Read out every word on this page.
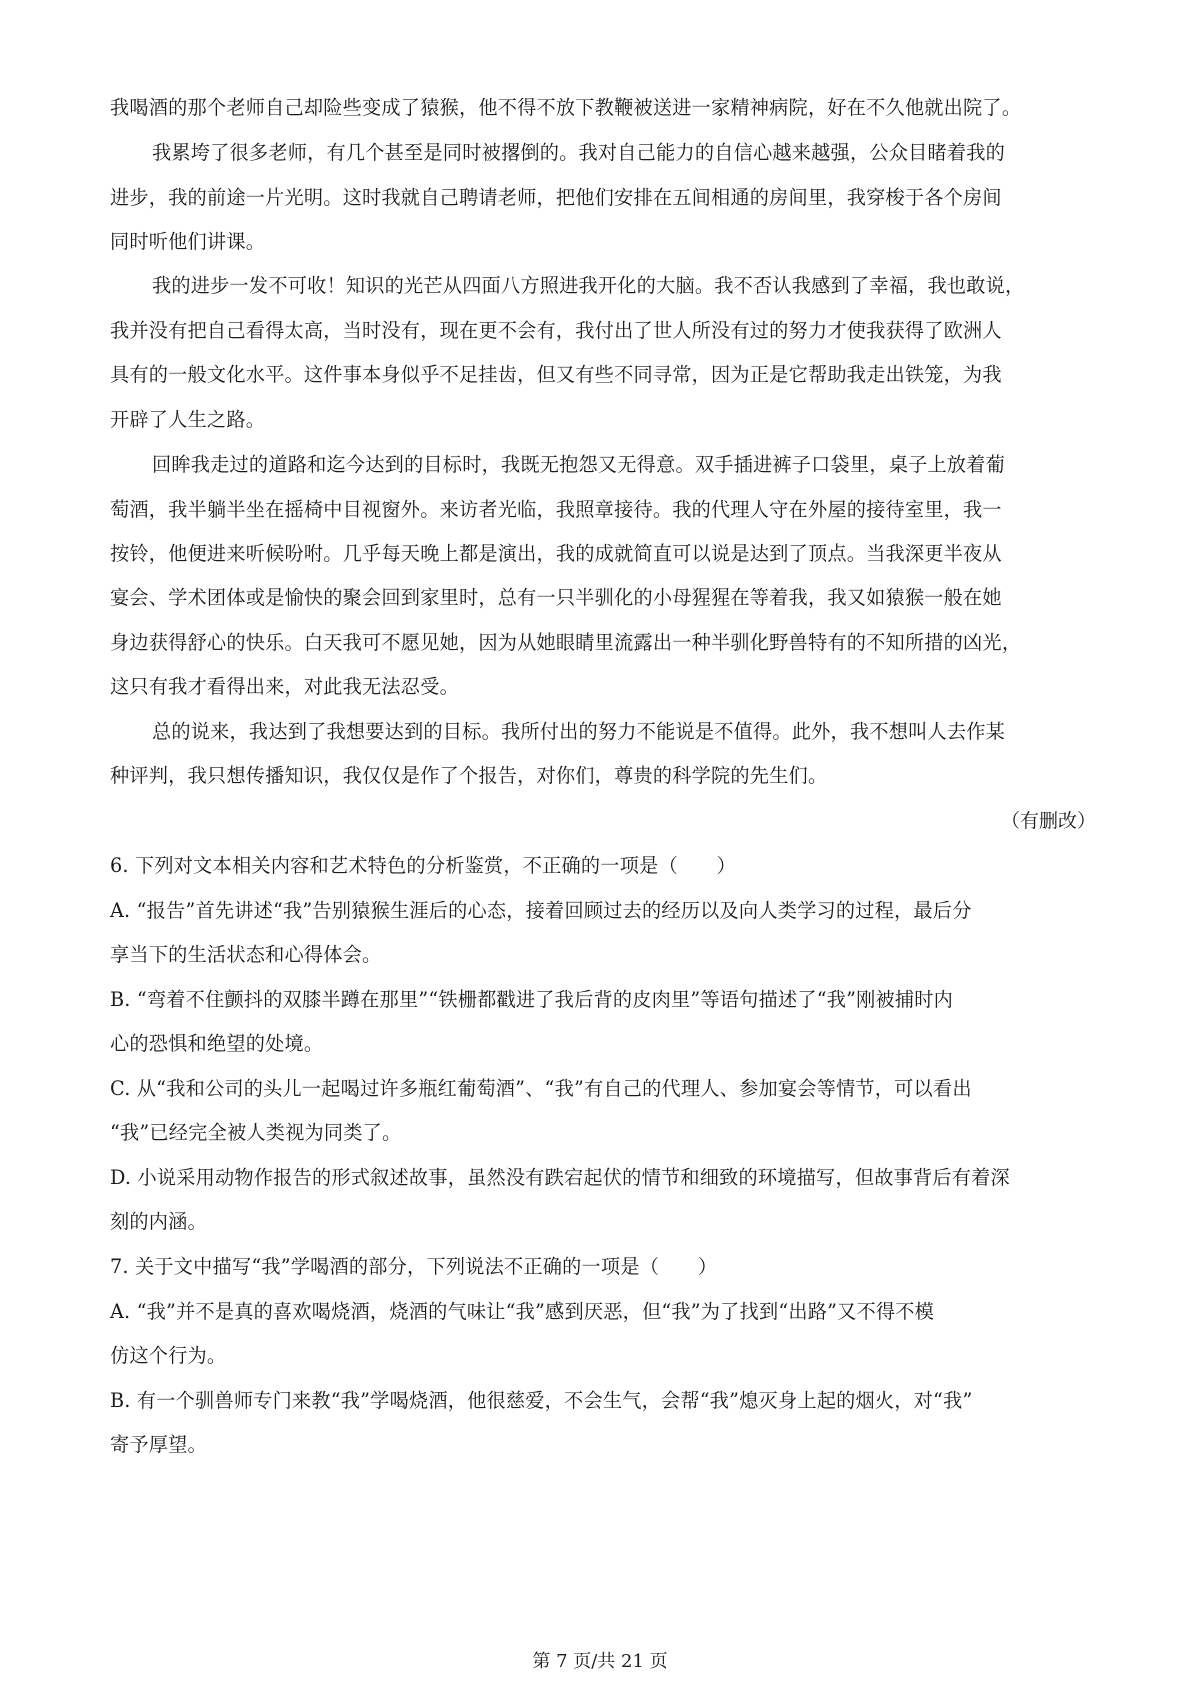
我喝酒的那个老师自己却险些变成了猿猴，他不得不放下教鞭被送进一家精神病院，好在不久他就出院了。
我累垮了很多老师，有几个甚至是同时被撂倒的。我对自己能力的自信心越来越强，公众目睹着我的
进步，我的前途一片光明。这时我就自己聘请老师，把他们安排在五间相通的房间里，我穿梭于各个房间
同时听他们讲课。
我的进步一发不可收！知识的光芒从四面八方照进我开化的大脑。我不否认我感到了幸福，我也敢说，
我并没有把自己看得太高，当时没有，现在更不会有，我付出了世人所没有过的努力才使我获得了欧洲人
具有的一般文化水平。这件事本身似乎不足挂齿，但又有些不同寻常，因为正是它帮助我走出铁笼，为我
开辟了人生之路。
回眸我走过的道路和迄今达到的目标时，我既无抱怨又无得意。双手插进裤子口袋里，桌子上放着葡
萄酒，我半躺半坐在摇椅中目视窗外。来访者光临，我照章接待。我的代理人守在外屋的接待室里，我一
按铃，他便进来听候吩咐。几乎每天晚上都是演出，我的成就简直可以说是达到了顶点。当我深更半夜从
宴会、学术团体或是愉快的聚会回到家里时，总有一只半驯化的小母猩猩在等着我，我又如猿猴一般在她
身边获得舒心的快乐。白天我可不愿见她，因为从她眼睛里流露出一种半驯化野兽特有的不知所措的凶光，
这只有我才看得出来，对此我无法忍受。
总的说来，我达到了我想要达到的目标。我所付出的努力不能说是不值得。此外，我不想叫人去作某
种评判，我只想传播知识，我仅仅是作了个报告，对你们，尊贵的科学院的先生们。
（有删改）
6. 下列对文本相关内容和艺术特色的分析鉴赏，不正确的一项是（　　）
A. “报告”首先讲述“我”告别猿猴生涯后的心态，接着回顾过去的经历以及向人类学习的过程，最后分
享当下的生活状态和心得体会。
B. “弯着不住颤抖的双膝半蹲在那里”“铁栅都戳进了我后背的皮肉里”等语句描述了“我”刚被捕时内
心的恐惧和绝望的处境。
C. 从“我和公司的头儿一起喝过许多瓶红葡萄酒”、“我”有自己的代理人、参加宴会等情节，可以看出
“我”已经完全被人类视为同类了。
D. 小说采用动物作报告的形式叙述故事，虽然没有跌宕起伏的情节和细致的环境描写，但故事背后有着深
刻的内涵。
7. 关于文中描写“我”学喝酒的部分，下列说法不正确的一项是（　　）
A. “我”并不是真的喜欢喝烧酒，烧酒的气味让“我”感到厌恶，但“我”为了找到“出路”又不得不模
仿这个行为。
B. 有一个驯兽师专门来教“我”学喝烧酒，他很慈爱，不会生气，会帮“我”熄灭身上起的烟火，对“我”
寄予厚望。
第 7 页/共 21 页
